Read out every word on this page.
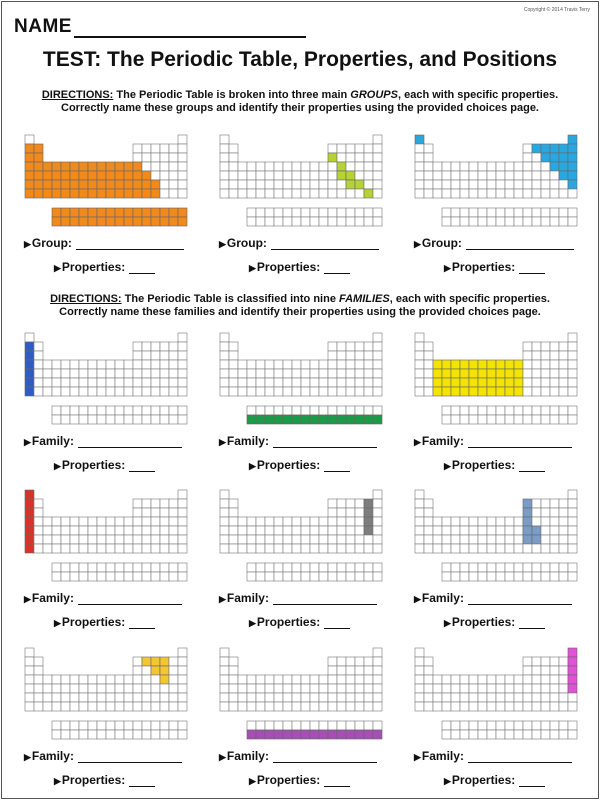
Copyright © 2014 Travis Terry
NAME
TEST: The Periodic Table, Properties, and Positions
DIRECTIONS: The Periodic Table is broken into three main GROUPS, each with specific properties.
Correctly name these groups and identify their properties using the provided choices page.
DIRECTIONS: The Periodic Table is classified into nine FAMILIES, each with specific properties.
Correctly name these families and identify their properties using the provided choices page.
▶Group:
▶Properties:
▶Group:
▶Properties:
▶Group:
▶Properties:
▶Family:
▶Properties:
▶Family:
▶Properties:
▶Family:
▶Properties:
▶Family:
▶Properties:
▶Family:
▶Properties:
▶Family:
▶Properties:
▶Family:
▶Properties:
▶Family:
▶Properties:
▶Family:
▶Properties:
